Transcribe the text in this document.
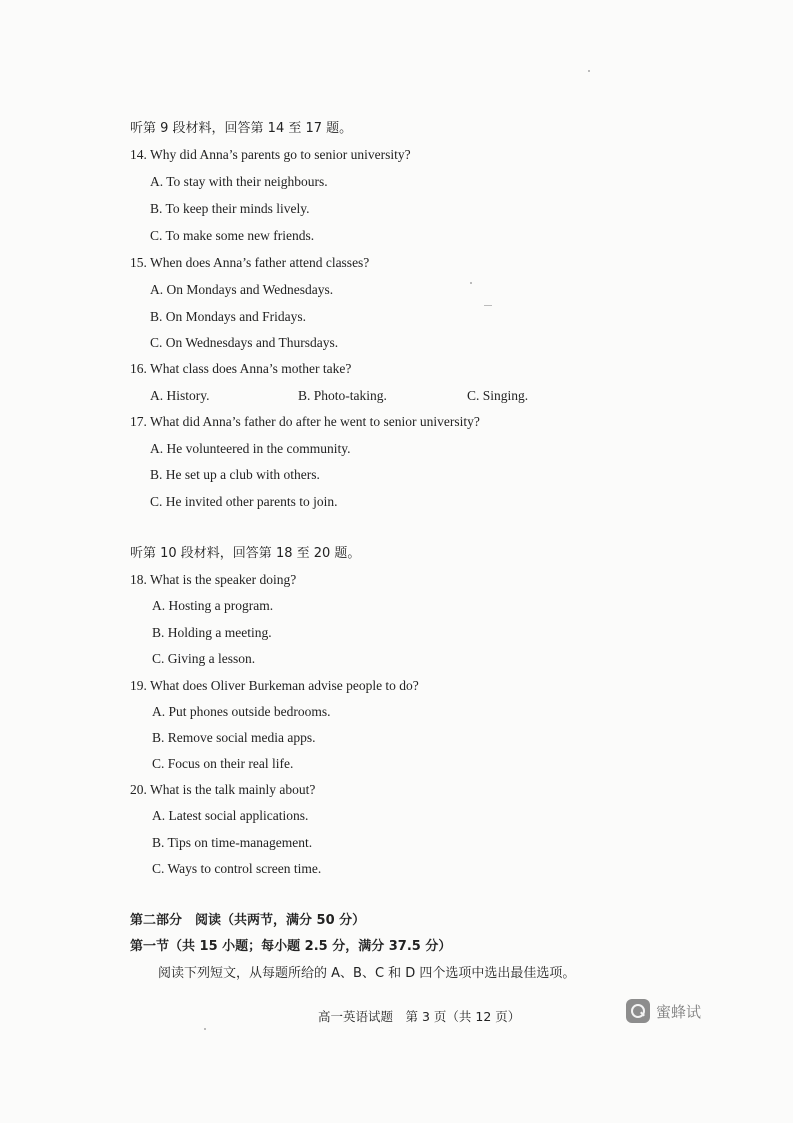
听第 9 段材料，回答第 14 至 17 题。
14. Why did Anna’s parents go to senior university?
A. To stay with their neighbours.
B. To keep their minds lively.
C. To make some new friends.
15. When does Anna’s father attend classes?
A. On Mondays and Wednesdays.
B. On Mondays and Fridays.
C. On Wednesdays and Thursdays.
16. What class does Anna’s mother take?
A. History.	B. Photo-taking.	C. Singing.
17. What did Anna’s father do after he went to senior university?
A. He volunteered in the community.
B. He set up a club with others.
C. He invited other parents to join.
听第 10 段材料，回答第 18 至 20 题。
18. What is the speaker doing?
A. Hosting a program.
B. Holding a meeting.
C. Giving a lesson.
19. What does Oliver Burkeman advise people to do?
A. Put phones outside bedrooms.
B. Remove social media apps.
C. Focus on their real life.
20. What is the talk mainly about?
A. Latest social applications.
B. Tips on time-management.
C. Ways to control screen time.
第二部分　阅读（共两节，满分 50 分）
第一节（共 15 小题；每小题 2.5 分，满分 37.5 分）
阅读下列短文，从每题所给的 A、B、C 和 D 四个选项中选出最佳选项。
高一英语试题　第 3 页（共 12 页）	蜜蜂试
